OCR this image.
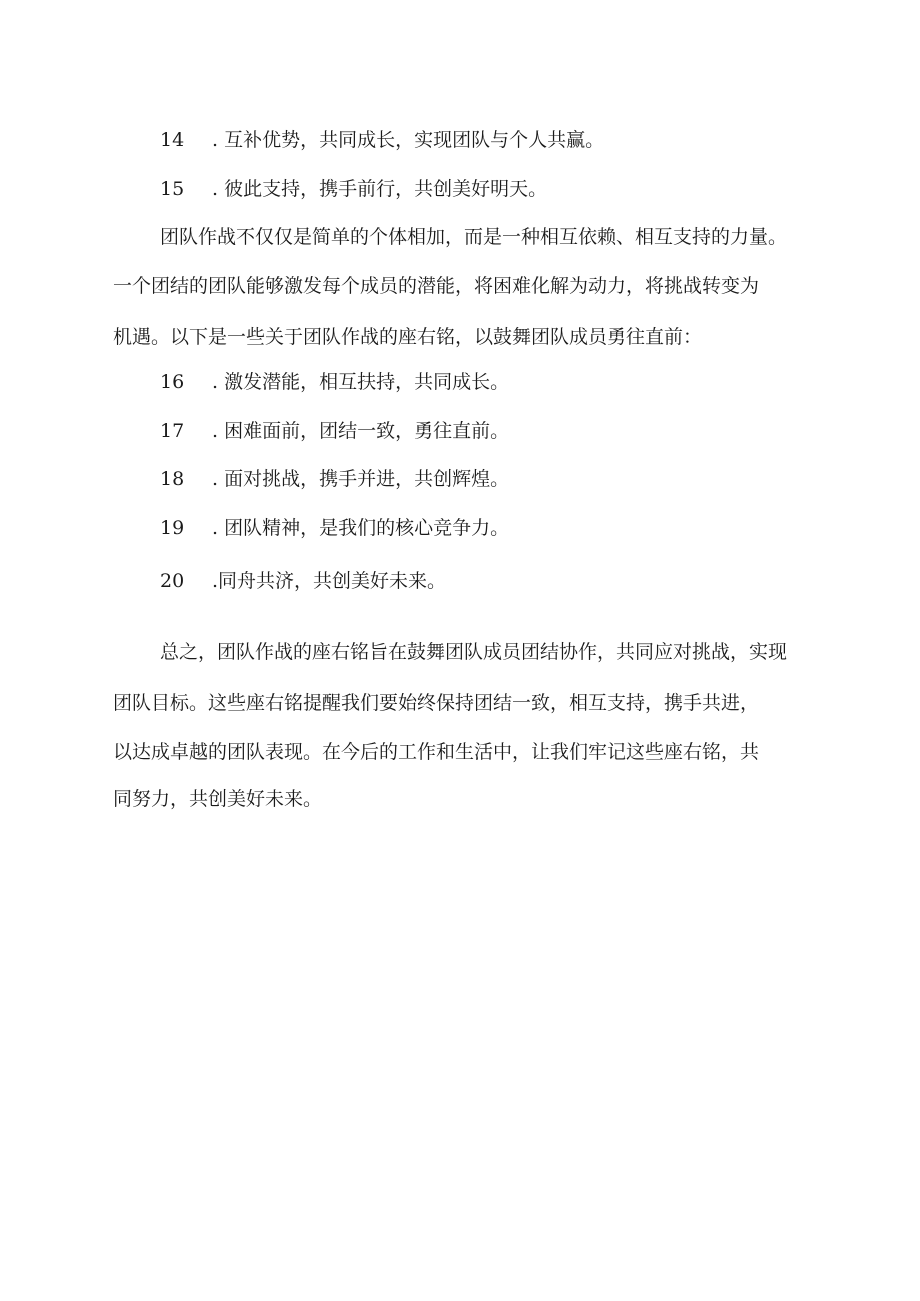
14 . 互补优势，共同成长，实现团队与个人共赢。
15 . 彼此支持，携手前行，共创美好明天。
团队作战不仅仅是简单的个体相加，而是一种相互依赖、相互支持的力量。
一个团结的团队能够激发每个成员的潜能，将困难化解为动力，将挑战转变为
机遇。以下是一些关于团队作战的座右铭，以鼓舞团队成员勇往直前：
16 . 激发潜能，相互扶持，共同成长。
17 . 困难面前，团结一致，勇往直前。
18 . 面对挑战，携手并进，共创辉煌。
19 . 团队精神，是我们的核心竞争力。
20 .同舟共济，共创美好未来。
总之，团队作战的座右铭旨在鼓舞团队成员团结协作，共同应对挑战，实现
团队目标。这些座右铭提醒我们要始终保持团结一致，相互支持，携手共进，
以达成卓越的团队表现。在今后的工作和生活中，让我们牢记这些座右铭，共
同努力，共创美好未来。
